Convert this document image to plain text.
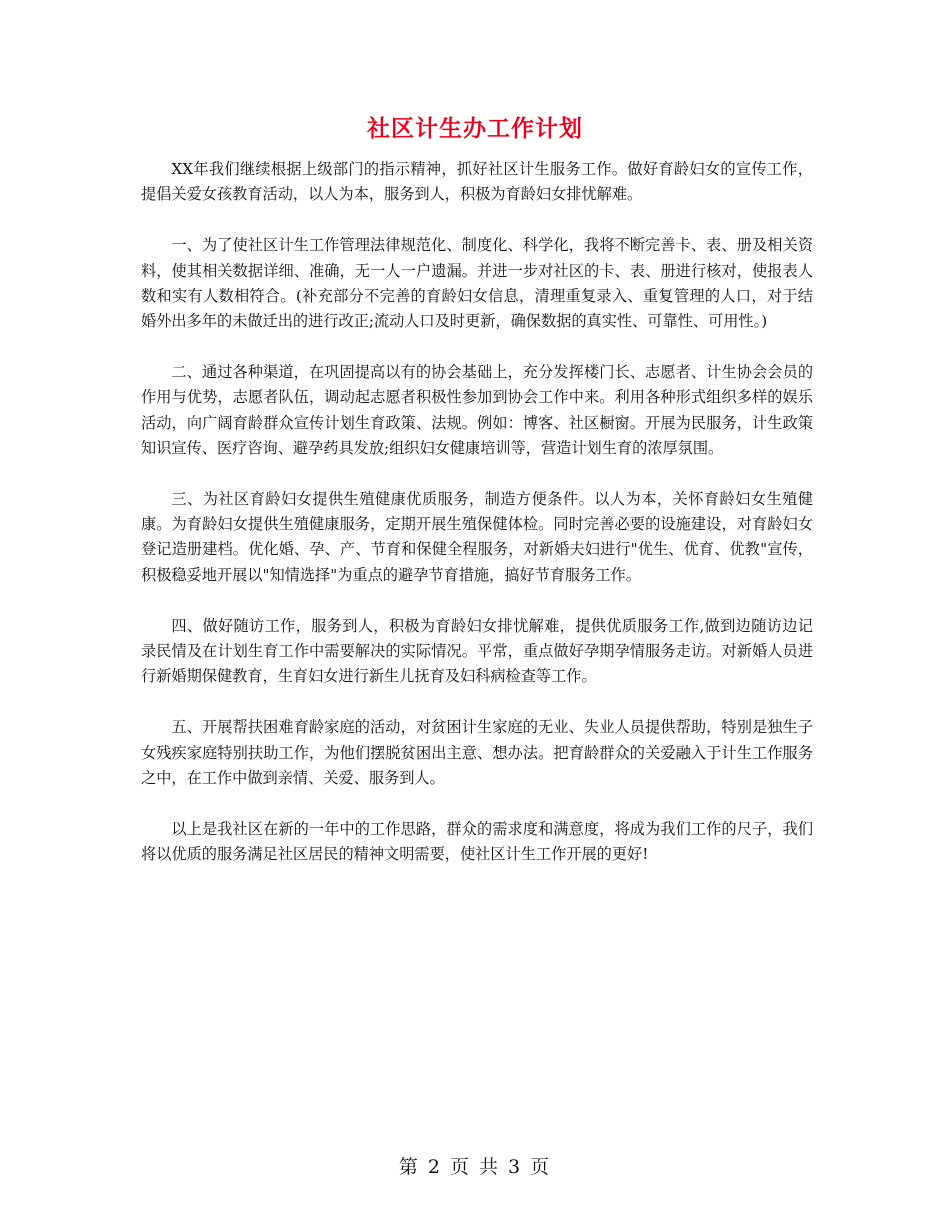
社区计生办工作计划

XX年我们继续根据上级部门的指示精神，抓好社区计生服务工作。做好育龄妇女的宣传工作，提倡关爱女孩教育活动，以人为本，服务到人，积极为育龄妇女排忧解难。

一、为了使社区计生工作管理法律规范化、制度化、科学化，我将不断完善卡、表、册及相关资料，使其相关数据详细、准确，无一人一户遗漏。并进一步对社区的卡、表、册进行核对，使报表人数和实有人数相符合。(补充部分不完善的育龄妇女信息，清理重复录入、重复管理的人口，对于结婚外出多年的未做迁出的进行改正;流动人口及时更新，确保数据的真实性、可靠性、可用性。)

二、通过各种渠道，在巩固提高以有的协会基础上，充分发挥楼门长、志愿者、计生协会会员的作用与优势，志愿者队伍，调动起志愿者积极性参加到协会工作中来。利用各种形式组织多样的娱乐活动，向广阔育龄群众宣传计划生育政策、法规。例如：博客、社区橱窗。开展为民服务，计生政策知识宣传、医疗咨询、避孕药具发放;组织妇女健康培训等，营造计划生育的浓厚氛围。

三、为社区育龄妇女提供生殖健康优质服务，制造方便条件。以人为本，关怀育龄妇女生殖健康。为育龄妇女提供生殖健康服务，定期开展生殖保健体检。同时完善必要的设施建设，对育龄妇女登记造册建档。优化婚、孕、产、节育和保健全程服务，对新婚夫妇进行"优生、优育、优教"宣传，积极稳妥地开展以"知情选择"为重点的避孕节育措施，搞好节育服务工作。

四、做好随访工作，服务到人，积极为育龄妇女排忧解难，提供优质服务工作,做到边随访边记录民情及在计划生育工作中需要解决的实际情况。平常，重点做好孕期孕情服务走访。对新婚人员进行新婚期保健教育，生育妇女进行新生儿抚育及妇科病检查等工作。

五、开展帮扶困难育龄家庭的活动，对贫困计生家庭的无业、失业人员提供帮助，特别是独生子女残疾家庭特别扶助工作，为他们摆脱贫困出主意、想办法。把育龄群众的关爱融入于计生工作服务之中，在工作中做到亲情、关爱、服务到人。

以上是我社区在新的一年中的工作思路，群众的需求度和满意度，将成为我们工作的尺子，我们将以优质的服务满足社区居民的精神文明需要，使社区计生工作开展的更好!

第 2 页 共 3 页
